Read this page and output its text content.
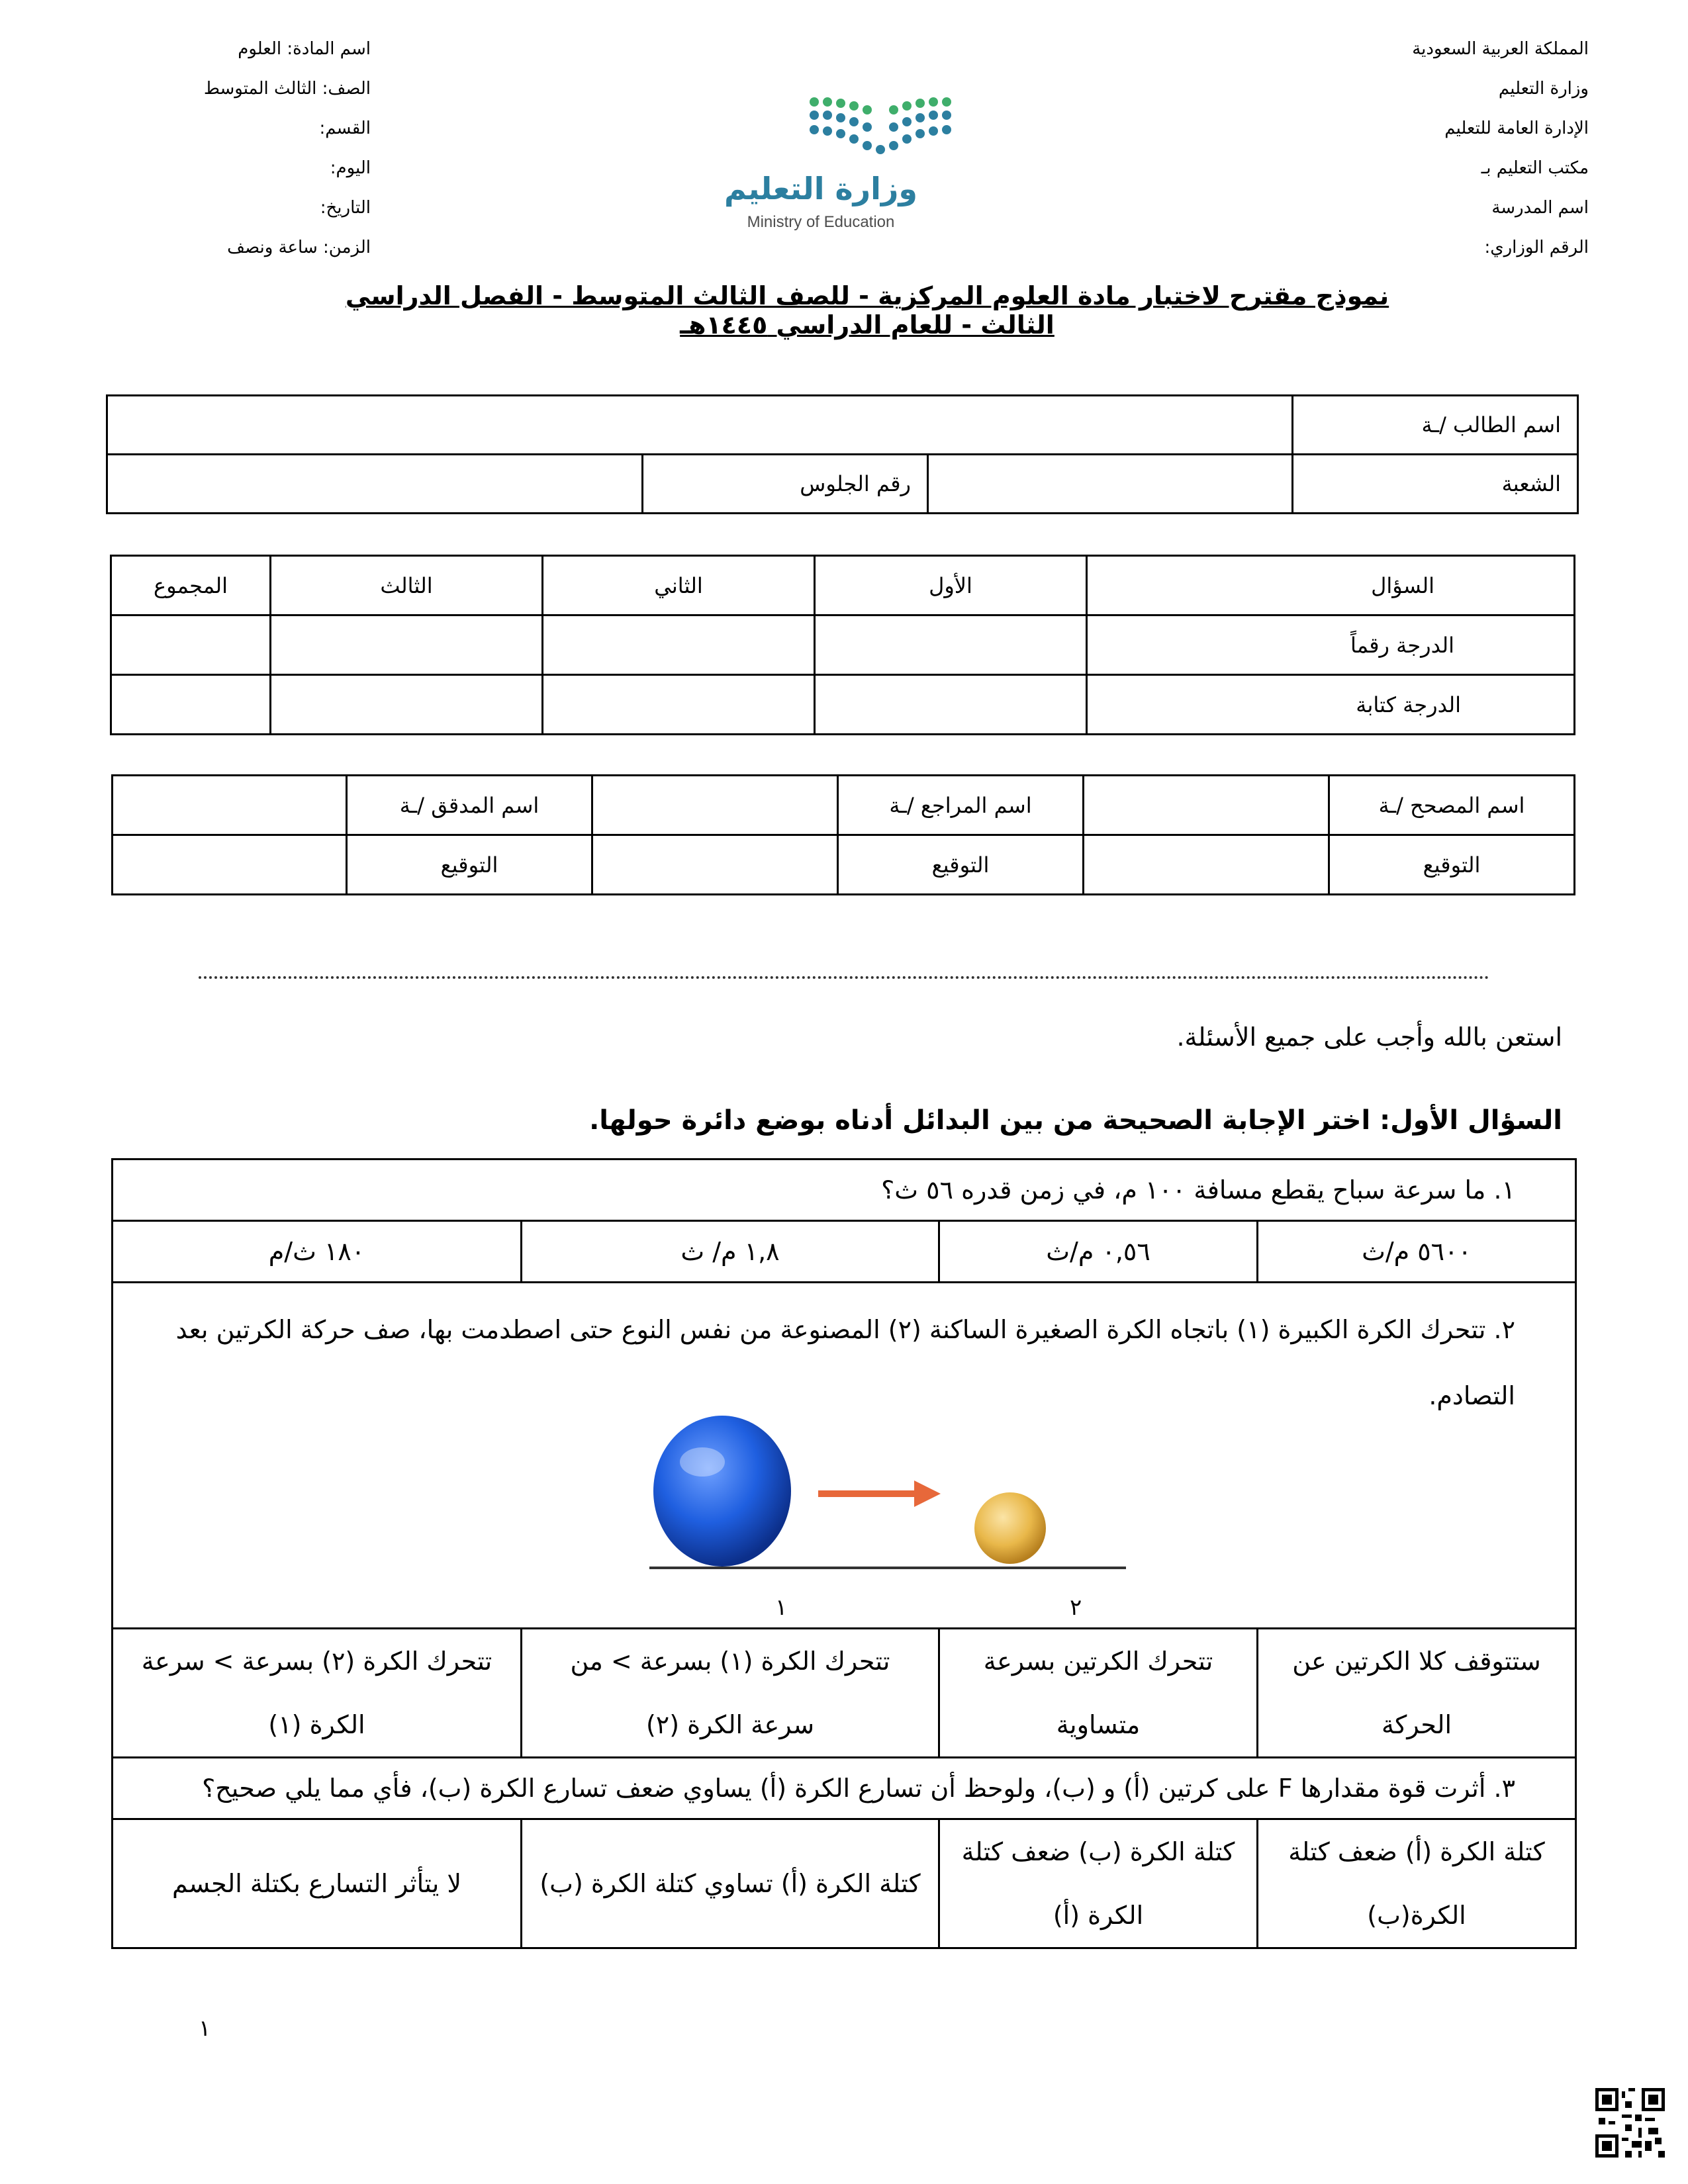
المملكة العربية السعودية
وزارة التعليم
الإدارة العامة للتعليم
مكتب التعليم بـ
اسم المدرسة
الرقم الوزاري:
اسم المادة: العلوم
الصف: الثالث المتوسط
القسم:
اليوم:
التاريخ:
الزمن: ساعة ونصف
وزارة التعليم
Ministry of Education
نموذج مقترح لاختبار مادة العلوم المركزية - للصف الثالث المتوسط - الفصل الدراسي الثالث - للعام الدراسي ١٤٤٥هـ
اسم الطالب /ـة			
الشعبة		رقم الجلوس	
السؤال	الأول	الثاني	الثالث	المجموع
الدرجة رقماً				
الدرجة كتابة				
اسم المصحح /ـة		اسم المراجع /ـة		اسم المدقق /ـة	
التوقيع		التوقيع		التوقيع	
استعن بالله وأجب على جميع الأسئلة.
السؤال الأول: اختر الإجابة الصحيحة من بين البدائل أدناه بوضع دائرة حولها.
١. ما سرعة سباح يقطع مسافة ١٠٠ م، في زمن قدره ٥٦ ث؟			
٥٦٠٠ م/ث	٠,٥٦ م/ث	١,٨ م/ ث	١٨٠ ث/م

٢. تتحرك الكرة الكبيرة (١) باتجاه الكرة الصغيرة الساكنة (٢) المصنوعة من نفس النوع حتى اصطدمت بها، صف حركة الكرتين بعد التصادم.
١ ٢			

ستتوقف كلا الكرتين عن الحركة	تتحرك الكرتين بسرعة متساوية	تتحرك الكرة (١) بسرعة > من سرعة الكرة (٢)	تتحرك الكرة (٢) بسرعة > سرعة الكرة (١)
٣. أثرت قوة مقدارها F على كرتين (أ) و (ب)، ولوحظ أن تسارع الكرة (أ) يساوي ضعف تسارع الكرة (ب)، فأي مما يلي صحيح؟			
كتلة الكرة (أ) ضعف كتلة الكرة(ب)	كتلة الكرة (ب) ضعف كتلة الكرة (أ)	كتلة الكرة (أ) تساوي كتلة الكرة (ب)	لا يتأثر التسارع بكتلة الجسم
١
